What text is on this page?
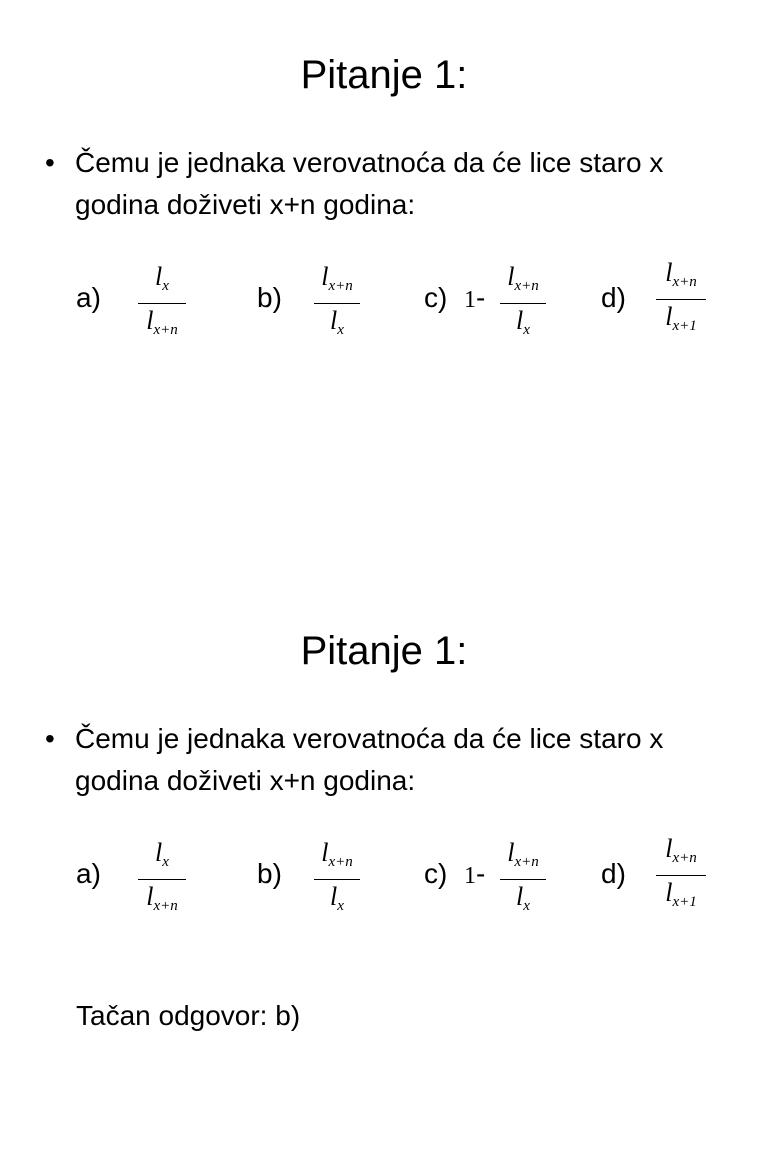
Pitanje 1:
• Čemu je jednaka verovatnoća da će lice staro x godina doživeti x+n godina:
a)
$l_x$
$l_{x+n}$
b)
$l_{x+n}$
$l_x$
c) 1-
$l_{x+n}$
$l_x$
d)
$l_{x+n}$
$l_{x+1}$
Pitanje 1:
• Čemu je jednaka verovatnoća da će lice staro x godina doživeti x+n godina:
a)
$l_x$
$l_{x+n}$
b)
$l_{x+n}$
$l_x$
c) 1-
$l_{x+n}$
$l_x$
d)
$l_{x+n}$
$l_{x+1}$
Tačan odgovor: b)
